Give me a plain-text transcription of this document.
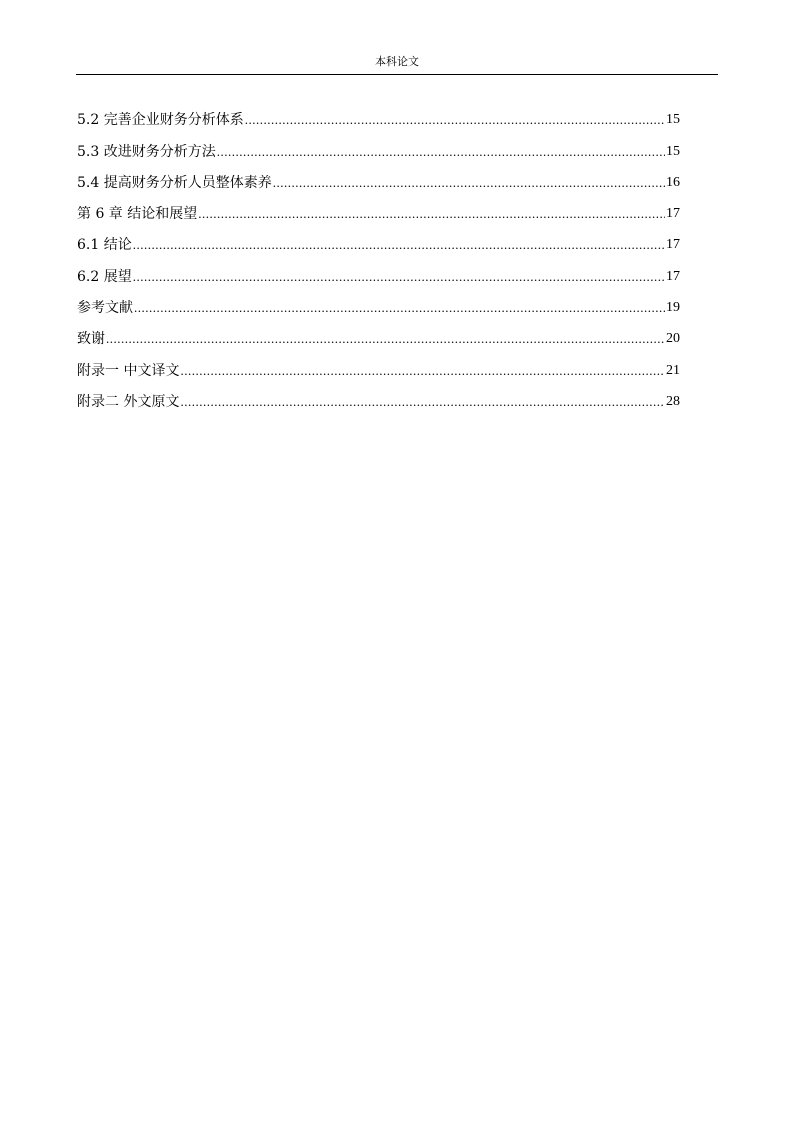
本科论文
5.2 完善企业财务分析体系 .....	15
5.3 改进财务分析方法 .....	15
5.4 提高财务分析人员整体素养 .....	16
第 6 章 结论和展望 .....	17
6.1 结论 .....	17
6.2 展望 .....	17
参考文献 .....	19
致谢 .....	20
附录一 中文译文 .....	21
附录二 外文原文 .....	28
